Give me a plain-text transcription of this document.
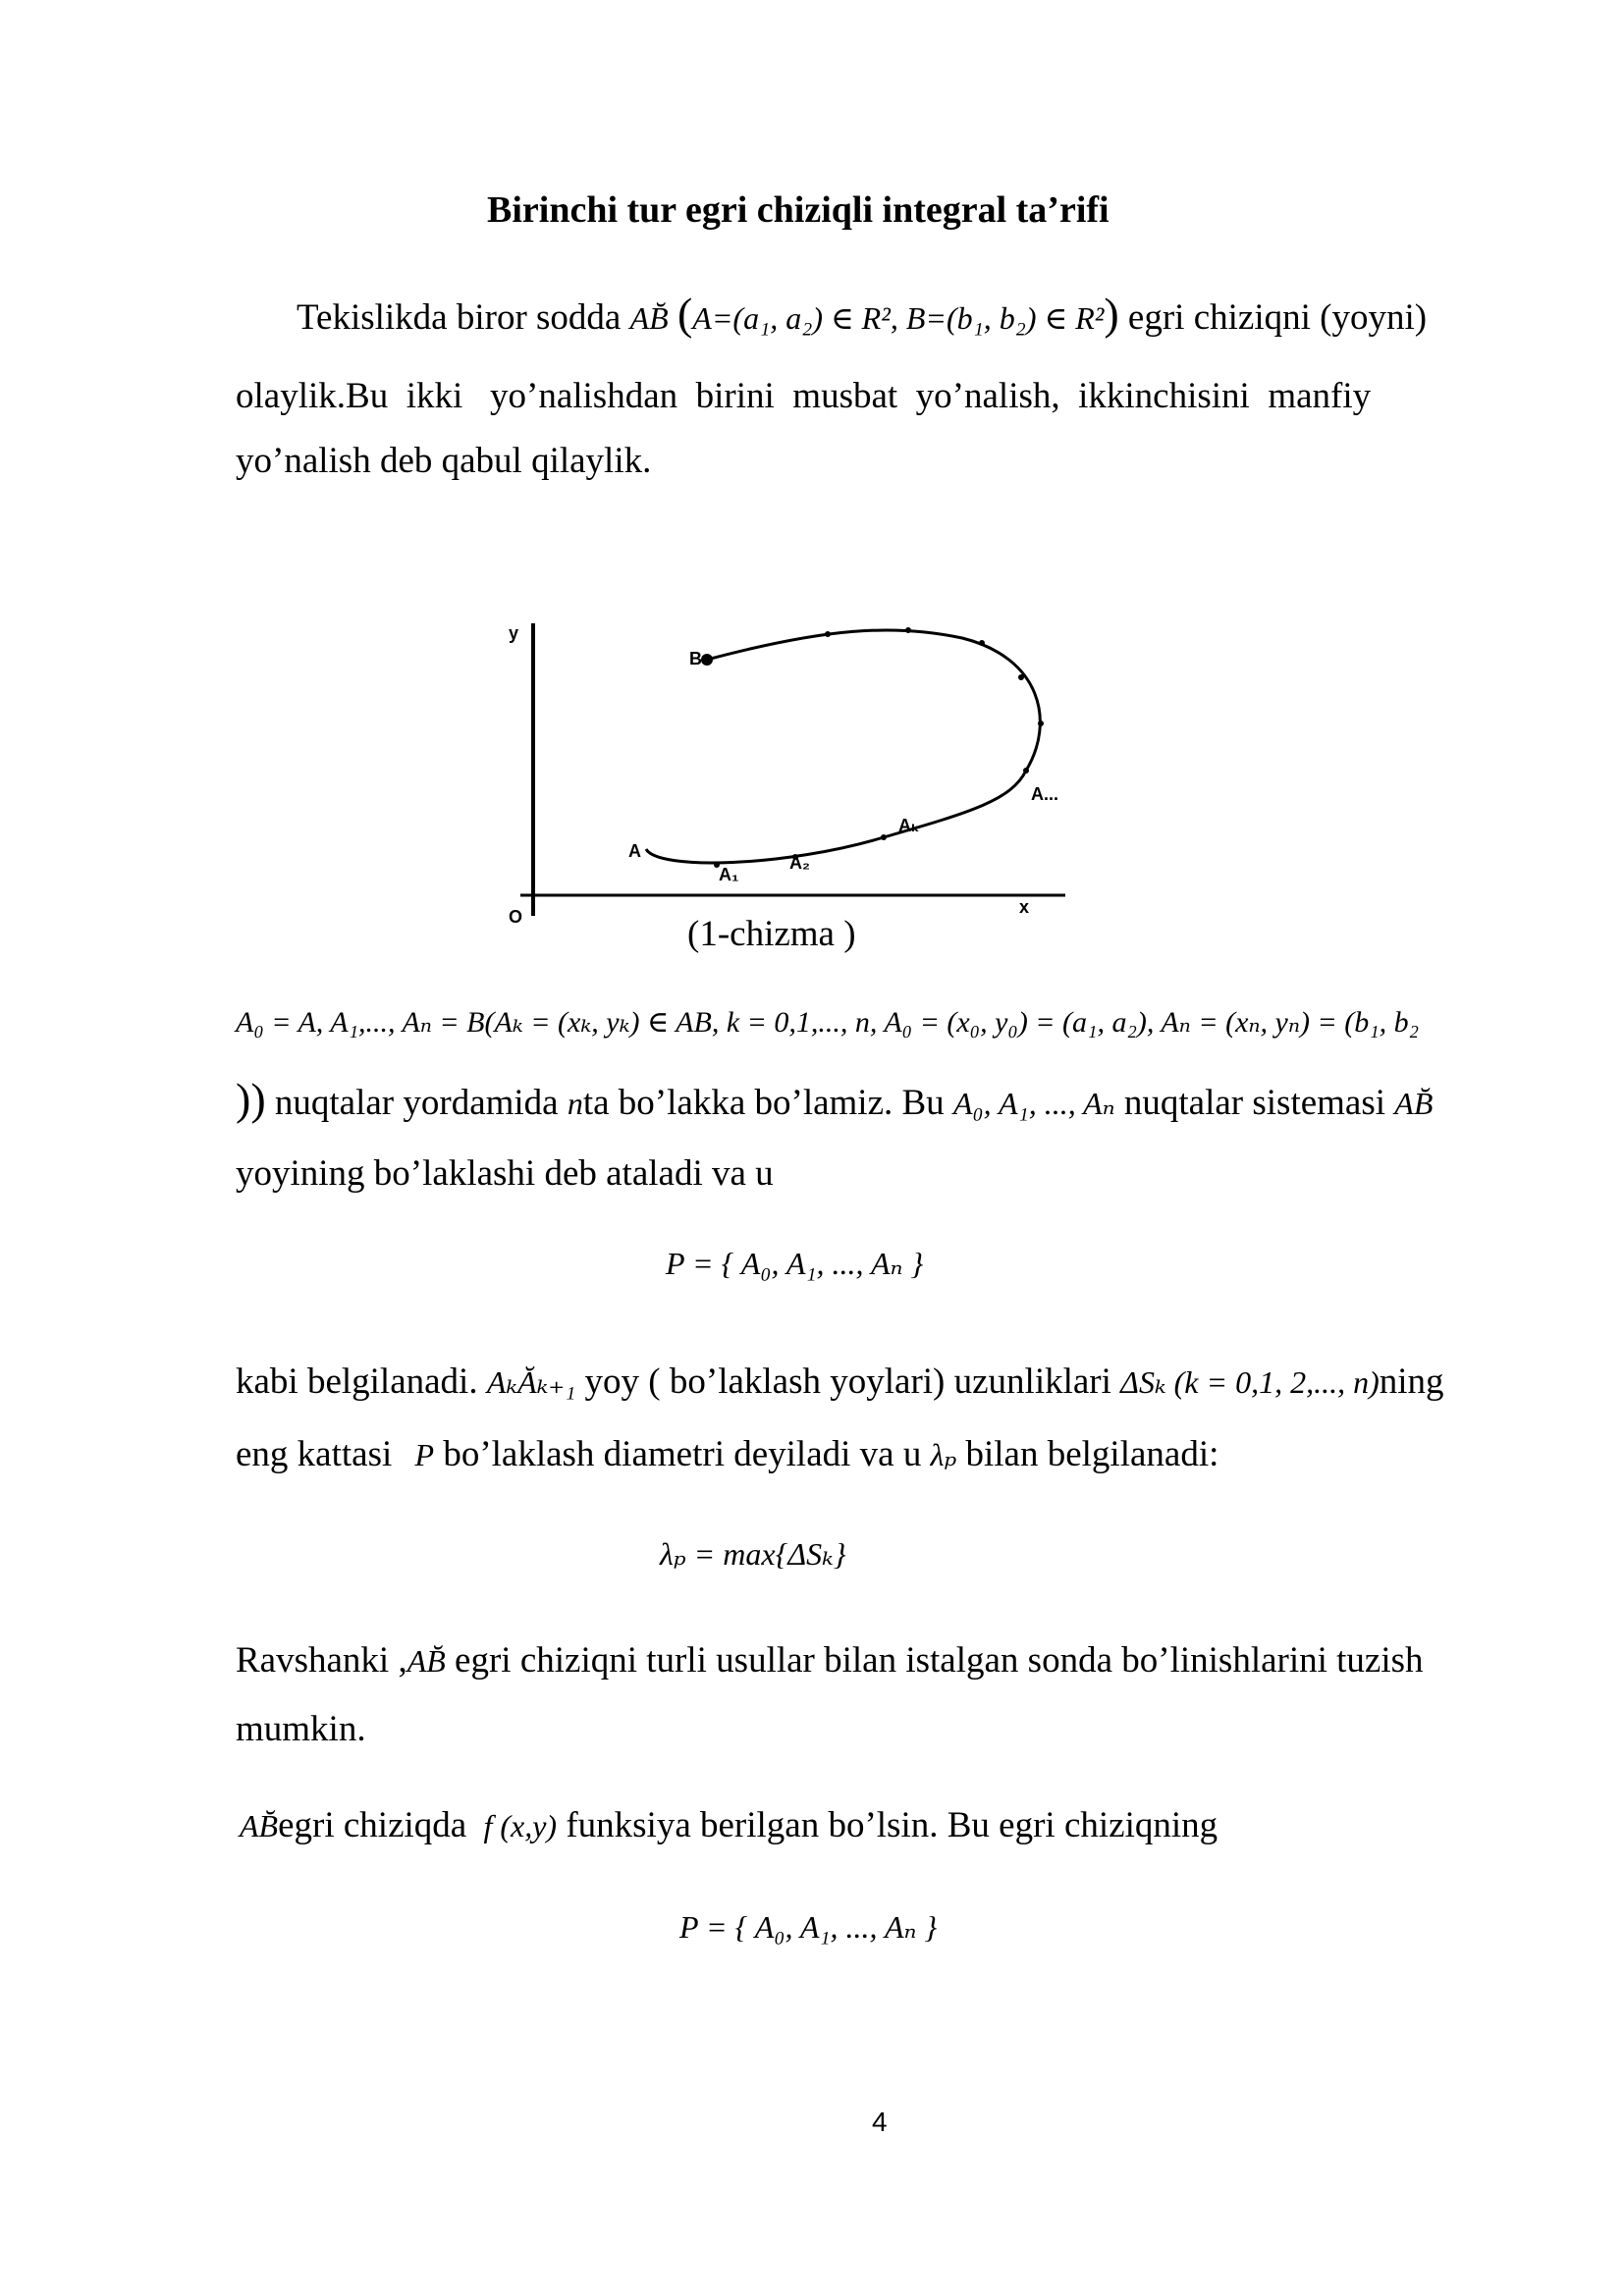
Birinchi tur egri chiziqli integral ta’rifi
Tekislikda biror sodda AB̆ (A=(a₁, a₂) ∈ R², B=(b₁, b₂) ∈ R²) egri chiziqni (yoyni)
olaylik.Bu  ikki   yo’nalishdan  birini  musbat  yo’nalish,  ikkinchisini  manfiy
yo’nalish deb qabul qilaylik.
y
x
O
A
A₁
A₂
Aₖ
A...
B
(1-chizma )
A₀ = A, A₁,..., Aₙ = B(Aₖ = (xₖ, yₖ) ∈ AB, k = 0,1,..., n, A₀ = (x₀, y₀) = (a₁, a₂), Aₙ = (xₙ, yₙ) = (b₁, b₂
)) nuqtalar yordamida nta bo’lakka bo’lamiz. Bu A₀, A₁, ..., Aₙ nuqtalar sistemasi AB̆
yoyining bo’laklashi deb ataladi va u
P = { A₀, A₁, ..., Aₙ }
kabi belgilanadi. AₖĂₖ₊₁ yoy ( bo’laklash yoylari) uzunliklari ΔSₖ (k = 0,1, 2,..., n)ning
eng kattasi P bo’laklash diametri deyiladi va u λₚ bilan belgilanadi:
λₚ = max{ΔSₖ}
Ravshanki ,AB̆ egri chiziqni turli usullar bilan istalgan sonda bo’linishlarini tuzish
mumkin.
AB̆egri chiziqda f (x,y) funksiya berilgan bo’lsin. Bu egri chiziqning
P = { A₀, A₁, ..., Aₙ }
4
